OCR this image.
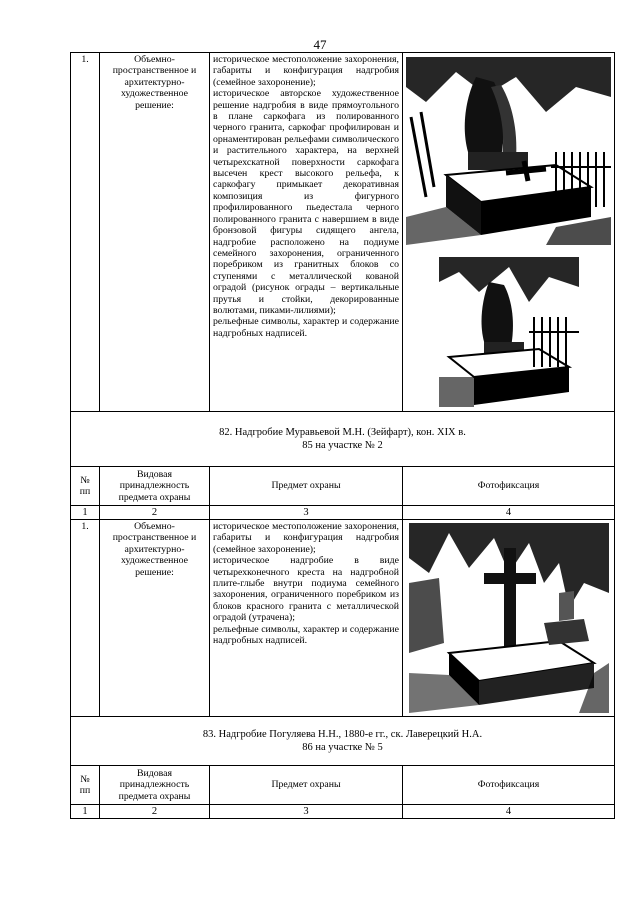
47
1.	Объемно-пространственное и архитектурно-художественное решение:	историческое местоположение захоронения, габариты и конфигурация надгробия (семейное захоронение);

историческое авторское художественное решение надгробия в виде прямоугольного в плане саркофага из полированного черного гранита, саркофаг профилирован и орнаментирован рельефами символического и растительного характера, на верхней четырехскатной поверхности саркофага высечен крест высокого рельефа, к саркофагу примыкает декоративная композиция из фигурного профилированного пьедестала черного полированного гранита с навершием в виде бронзовой фигуры сидящего ангела, надгробие расположено на подиуме семейного захоронения, ограниченного поребриком из гранитных блоков со ступенями с металлической кованой оградой (рисунок ограды – вертикальные прутья и стойки, декорированные волютами, пиками-лилиями);

рельефные символы, характер и содержание надгробных надписей.

82. Надгробие Муравьевой М.Н. (Зейфарт), кон. XIX в.
85 на участке № 2			

№ пп	Видовая принадлежность предмета охраны	Предмет охраны	Фотофиксация
1	2	3	4
1.	Объемно-пространственное и архитектурно-художественное решение:	историческое местоположение захоронения, габариты и конфигурация надгробия (семейное захоронение);

историческое надгробие в виде четырехконечного креста на надгробной плите-глыбе внутри подиума семейного захоронения, ограниченного поребриком из блоков красного гранита с металлической оградой (утрачена);

рельефные символы, характер и содержание надгробных надписей.

83. Надгробие Погуляева Н.Н., 1880-е гг., ск. Лаверецкий Н.А.
86 на участке № 5			

№ пп	Видовая принадлежность предмета охраны	Предмет охраны	Фотофиксация
1	2	3	4
